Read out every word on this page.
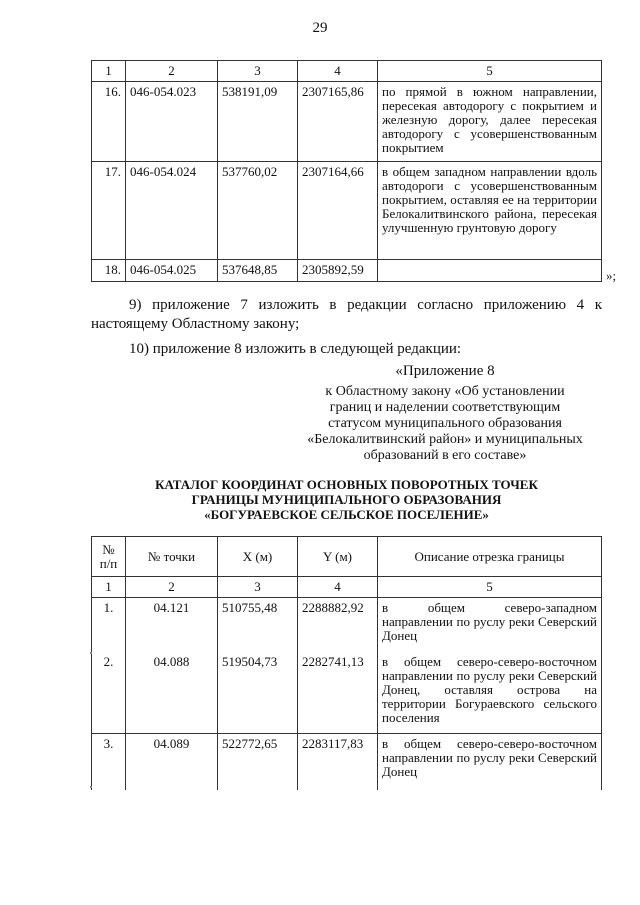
29
1	2	3	4	5
16.	046-054.023	538191,09	2307165,86	по прямой в южном направлении, пересекая автодорогу с покрытием и железную дорогу, далее пересекая автодорогу с усовершенствованным покрытием
17.	046-054.024	537760,02	2307164,66	в общем западном направлении вдоль автодороги с усовершенствованным покрытием, оставляя ее на территории Белокалитвинского района, пересекая улучшенную грунтовую дорогу
18.	046-054.025	537648,85	2305892,59		»;
9) приложение 7 изложить в редакции согласно приложению 4 к настоящему Областному закону;
10) приложение 8 изложить в следующей редакции:
«Приложение 8
к Областному закону «Об установлении
границ и наделении соответствующим
статусом муниципального образования
«Белокалитвинский район» и муниципальных
образований в его составе»
КАТАЛОГ КООРДИНАТ ОСНОВНЫХ ПОВОРОТНЫХ ТОЧЕК
ГРАНИЦЫ МУНИЦИПАЛЬНОГО ОБРАЗОВАНИЯ
«БОГУРАЕВСКОЕ СЕЛЬСКОЕ ПОСЕЛЕНИЕ»
№ п/п	№ точки	X (м)	Y (м)	Описание отрезка границы
1	2	3	4	5
1.	04.121	510755,48	2288882,92	в общем северо-западном направлении по руслу реки Северский Донец
2.	04.088	519504,73	2282741,13	в общем северо-северо-восточном направлении по руслу реки Северский Донец, оставляя острова на территории Богураевского сельского поселения
3.	04.089	522772,65	2283117,83	в общем северо-северо-восточном направлении по руслу реки Северский Донец
